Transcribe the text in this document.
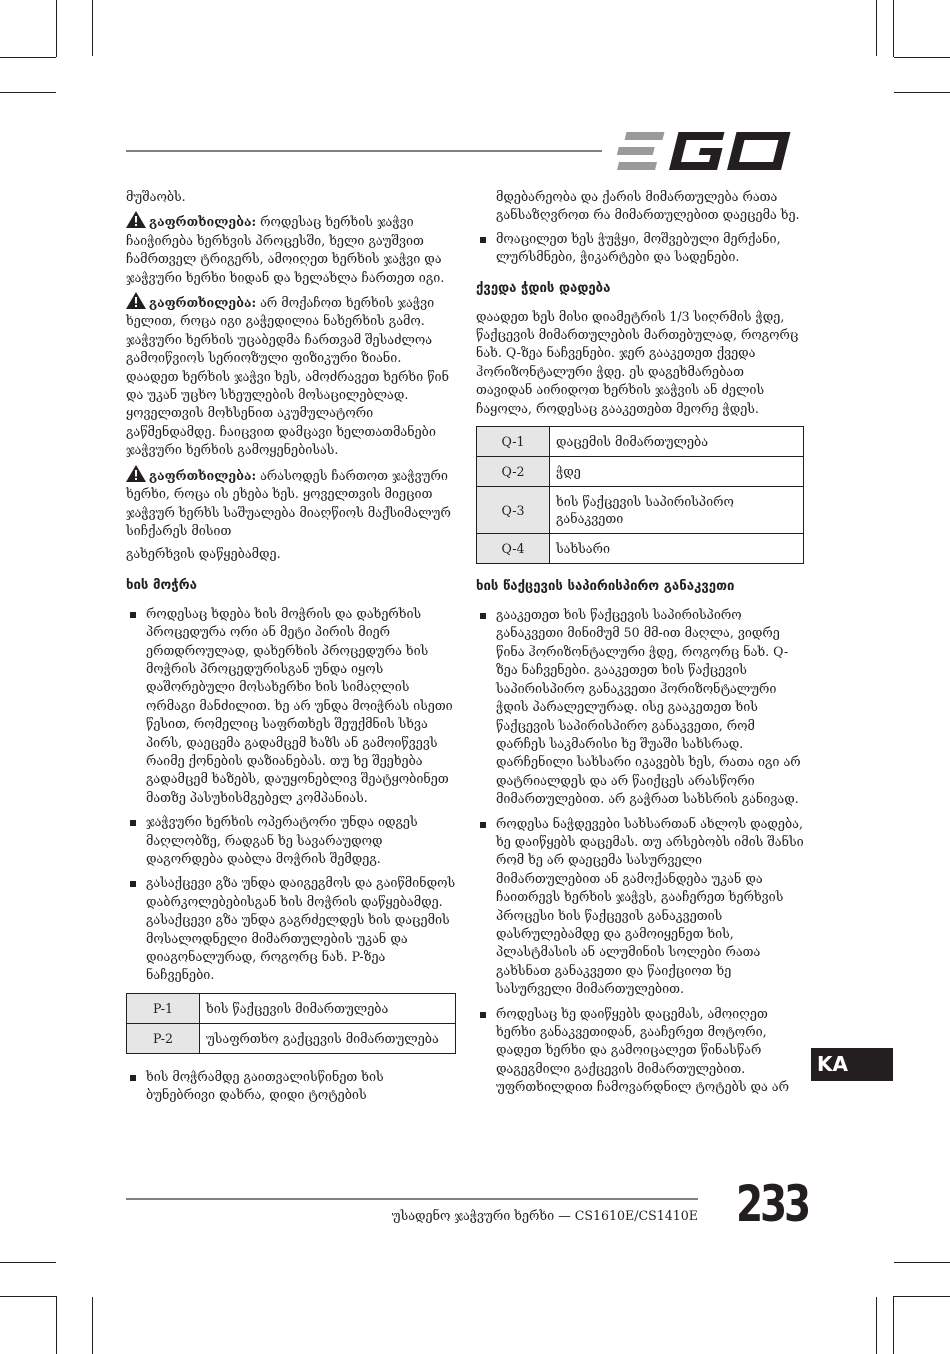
მუშაობს.

გაფრთხილება: როდესაც ხერხის ჯაჭვი ჩაიჭირება ხერხვის პროცესში, ხელი გაუშვით ჩამრთველ ტრიგერს, ამოიღეთ ხერხის ჯაჭვი და ჯაჭვური ხერხი ხიდან და ხელახლა ჩართეთ იგი.

გაფრთხილება: არ მოქაჩოთ ხერხის ჯაჭვი ხელით, როცა იგი გაჭედილია ნახერხის გამო. ჯაჭვური ხერხის უცაბედმა ჩართვამ შესაძლოა გამოიწვიოს სერიოზული ფიზიკური ზიანი. დაადეთ ხერხის ჯაჭვი ხეს, ამოძრავეთ ხერხი წინ და უკან უცხო სხეულების მოსაცილებლად. ყოველთვის მოხსენით აკუმულატორი გაწმენდამდე. ჩაიცვით დამცავი ხელთათმანები ჯაჭვური ხერხის გამოყენებისას.

გაფრთხილება: არასოდეს ჩართოთ ჯაჭვური ხერხი, როცა ის ეხება ხეს. ყოველთვის მიეცით ჯაჭვურ ხერხს საშუალება მიაღწიოს მაქსიმალურ სიჩქარეს მისით

გახერხვის დაწყებამდე.

ხის მოჭრა
როდესაც ხდება ხის მოჭრის და დახერხის პროცედურა ორი ან მეტი პირის მიერ ერთდროულად, დახერხის პროცედურა ხის მოჭრის პროცედურისგან უნდა იყოს დაშორებული მოსახერხი ხის სიმაღლის ორმაგი მანძილით. ხე არ უნდა მოიჭრას ისეთი წესით, რომელიც საფრთხეს შეუქმნის სხვა პირს, დაეცემა გადამცემ ხაზს ან გამოიწვევს რაიმე ქონების დაზიანებას. თუ ხე შეეხება გადამცემ ხაზებს, დაუყონებლივ შეატყობინეთ მათზე პასუხისმგებელ კომპანიას.
ჯაჭვური ხერხის ოპერატორი უნდა იდგეს მაღლობზე, რადგან ხე სავარაუდოდ დაგორდება დაბლა მოჭრის შემდეგ.
გასაქცევი გზა უნდა დაიგეგმოს და გაიწმინდოს დაბრკოლებებისგან ხის მოჭრის დაწყებამდე. გასაქცევი გზა უნდა გაგრძელდეს ხის დაცემის მოსალოდნელი მიმართულების უკან და დიაგონალურად, როგორც ნახ. P-ზეა ნაჩვენები.
P-1	ხის წაქცევის მიმართულება
P-2	უსაფრთხო გაქცევის მიმართულება
ხის მოჭრამდე გაითვალისწინეთ ხის ბუნებრივი დახრა, დიდი ტოტების

მდებარეობა და ქარის მიმართულება რათა განსაზღვროთ რა მიმართულებით დაეცემა ხე.

მოაცილეთ ხეს ჭუჭყი, მოშვებული მერქანი, ლურსმნები, ჭიკარტები და სადენები.
ქვედა ჭდის დადება

დაადეთ ხეს მისი დიამეტრის 1/3 სიღრმის ჭდე, წაქცევის მიმართულების მართებულად, როგორც ნახ. Q-ზეა ნაჩვენები. ჯერ გააკეთეთ ქვედა ჰორიზონტალური ჭდე. ეს დაგეხმარებათ თავიდან აირიდოთ ხერხის ჯაჭვის ან ძელის ჩაყოლა, როდესაც გააკეთებთ მეორე ჭდეს.

Q-1	დაცემის მიმართულება
Q-2	ჭდე
Q-3	ხის წაქცევის საპირისპირო განაკვეთი
Q-4	სახსარი
ხის წაქცევის საპირისპირო განაკვეთი
გააკეთეთ ხის წაქცევის საპირისპირო განაკვეთი მინიმუმ 50 მმ-ით მაღლა, ვიდრე წინა ჰორიზონტალური ჭდე, როგორც ნახ. Q-ზეა ნაჩვენები. გააკეთეთ ხის წაქცევის საპირისპირო განაკვეთი ჰორიზონტალური ჭდის პარალელურად. ისე გააკეთეთ ხის წაქცევის საპირისპირო განაკვეთი, რომ დარჩეს საკმარისი ხე შუაში სახსრად. დარჩენილი სახსარი იკავებს ხეს, რათა იგი არ დატრიალდეს და არ წაიქცეს არასწორი მიმართულებით. არ გაჭრათ სახსრის განივად.
როდესა ნაჭდევები სახსართან ახლოს დადება, ხე დაიწყებს დაცემას. თუ არსებობს იმის შანსი რომ ხე არ დაეცემა სასურველი მიმართულებით ან გამოქანდება უკან და ჩაითრევს ხერხის ჯაჭვს, გააჩერეთ ხერხვის პროცესი ხის წაქცევის განაკვეთის დასრულებამდე და გამოიყენეთ ხის, პლასტმასის ან ალუმინის სოლები რათა გახსნათ განაკვეთი და წაიქციოთ ხე სასურველი მიმართულებით.
როდესაც ხე დაიწყებს დაცემას, ამოიღეთ ხერხი განაკვეთიდან, გააჩერეთ მოტორი, დადეთ ხერხი და გამოიცალეთ წინასწარ დაგეგმილი გაქცევის მიმართულებით. უფრთხილდით ჩამოვარდნილ ტოტებს და არ
KA
უსადენო ჯაჭვური ხერხი — CS1610E/CS1410E 233
